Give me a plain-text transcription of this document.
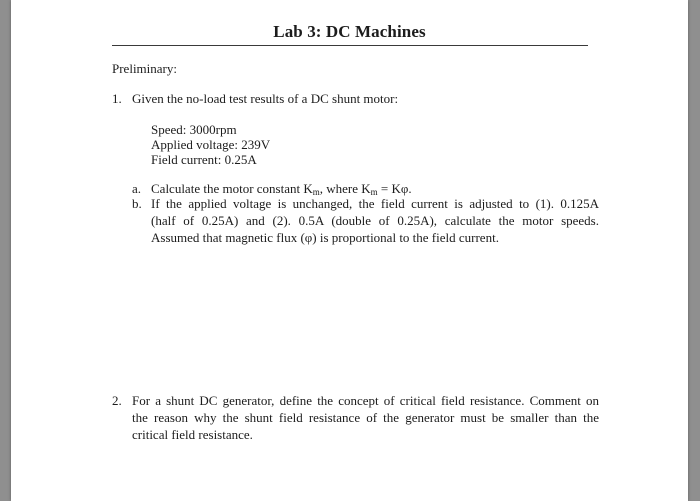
Lab 3: DC Machines
Preliminary:
1. Given the no-load test results of a DC shunt motor:
Speed: 3000rpm
Applied voltage: 239V
Field current: 0.25A
a. Calculate the motor constant $K_m$, where $K_m = K\varphi$.
b. If the applied voltage is unchanged, the field current is adjusted to (1). 0.125A
(half of 0.25A) and (2). 0.5A (double of 0.25A), calculate the motor speeds.
Assumed that magnetic flux (φ) is proportional to the field current.
2. For a shunt DC generator, define the concept of critical field resistance. Comment on
the reason why the shunt field resistance of the generator must be smaller than the
critical field resistance.
